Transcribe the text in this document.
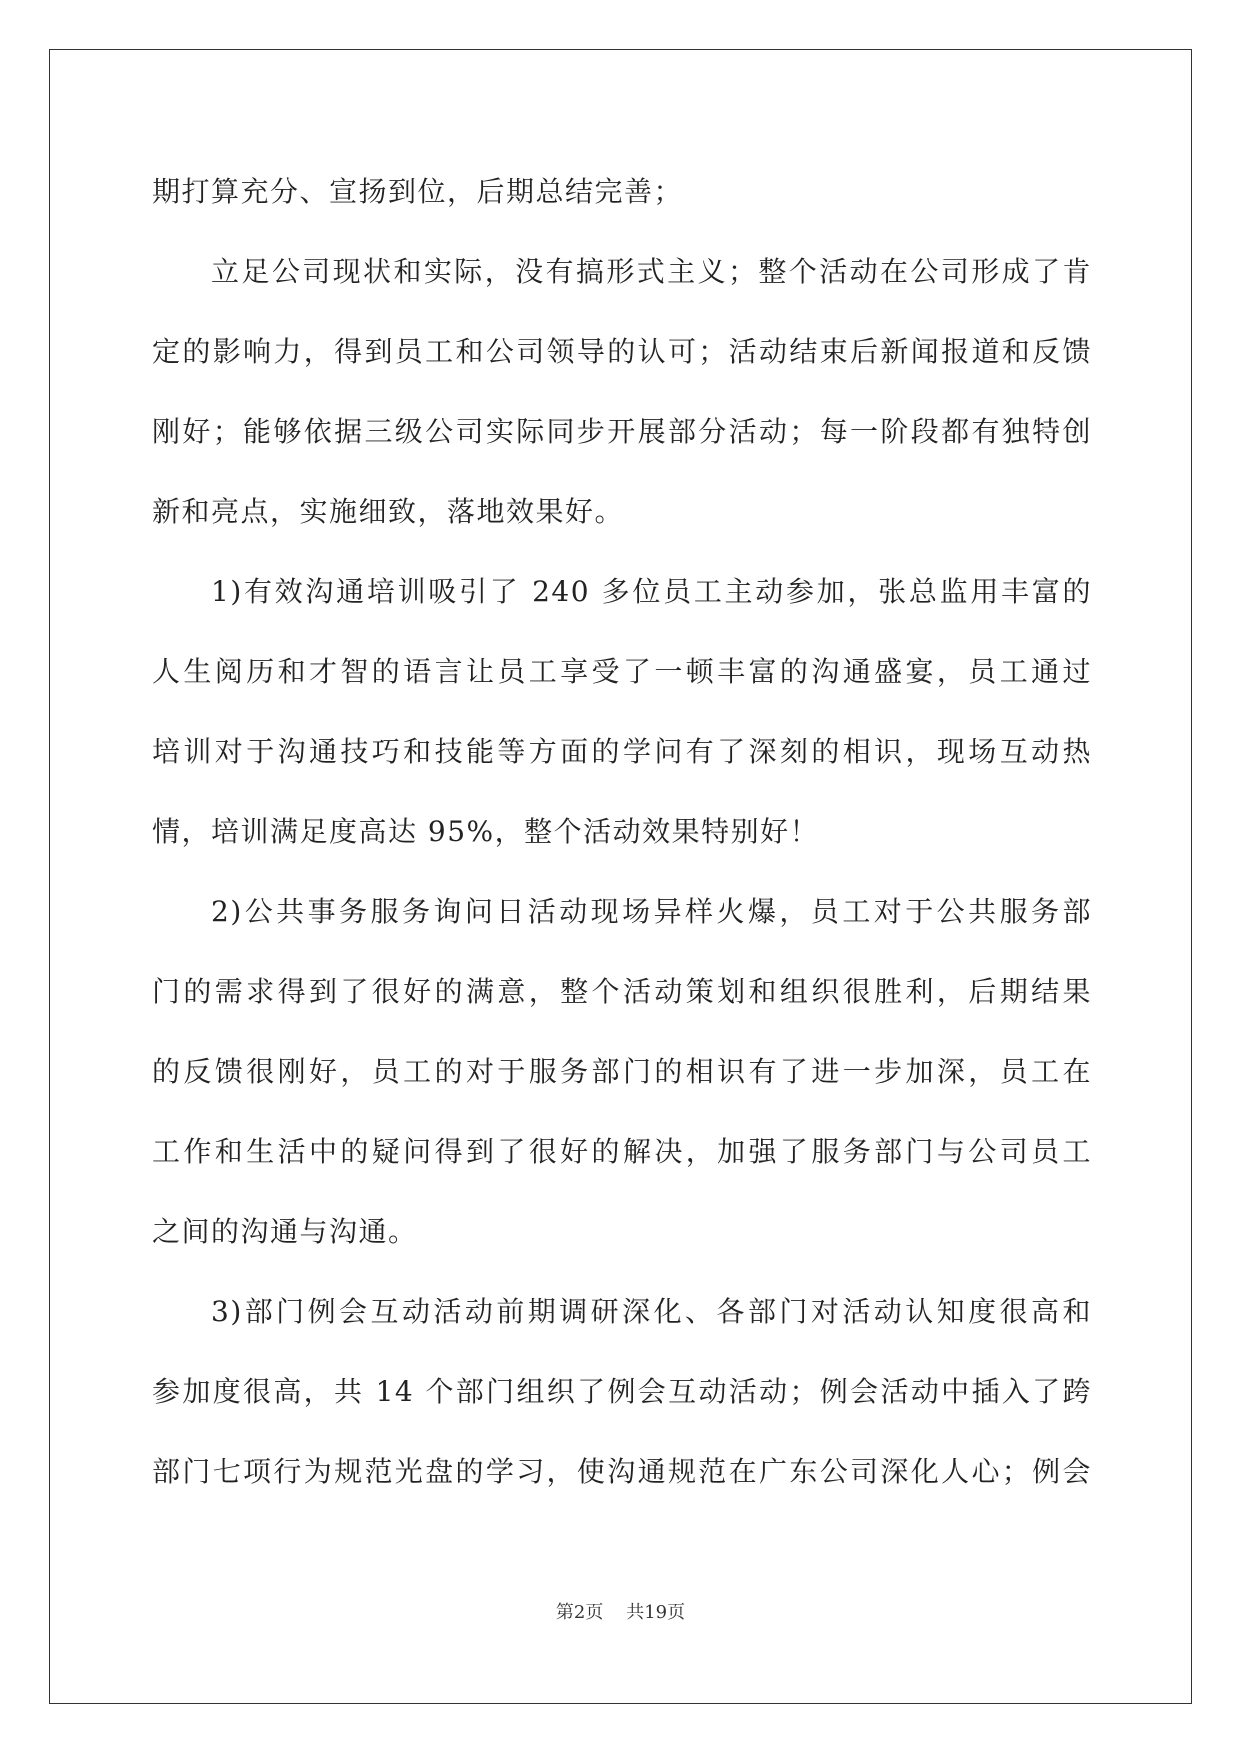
期打算充分、宣扬到位，后期总结完善；
立足公司现状和实际，没有搞形式主义；整个活动在公司形成了肯
定的影响力，得到员工和公司领导的认可；活动结束后新闻报道和反馈
刚好；能够依据三级公司实际同步开展部分活动；每一阶段都有独特创
新和亮点，实施细致，落地效果好。
1)有效沟通培训吸引了 240 多位员工主动参加，张总监用丰富的
人生阅历和才智的语言让员工享受了一顿丰富的沟通盛宴，员工通过
培训对于沟通技巧和技能等方面的学问有了深刻的相识，现场互动热
情，培训满足度高达 95%，整个活动效果特别好！
2)公共事务服务询问日活动现场异样火爆，员工对于公共服务部
门的需求得到了很好的满意，整个活动策划和组织很胜利，后期结果
的反馈很刚好，员工的对于服务部门的相识有了进一步加深，员工在
工作和生活中的疑问得到了很好的解决，加强了服务部门与公司员工
之间的沟通与沟通。
3)部门例会互动活动前期调研深化、各部门对活动认知度很高和
参加度很高，共 14 个部门组织了例会互动活动；例会活动中插入了跨
部门七项行为规范光盘的学习，使沟通规范在广东公司深化人心；例会
第2页 共19页
